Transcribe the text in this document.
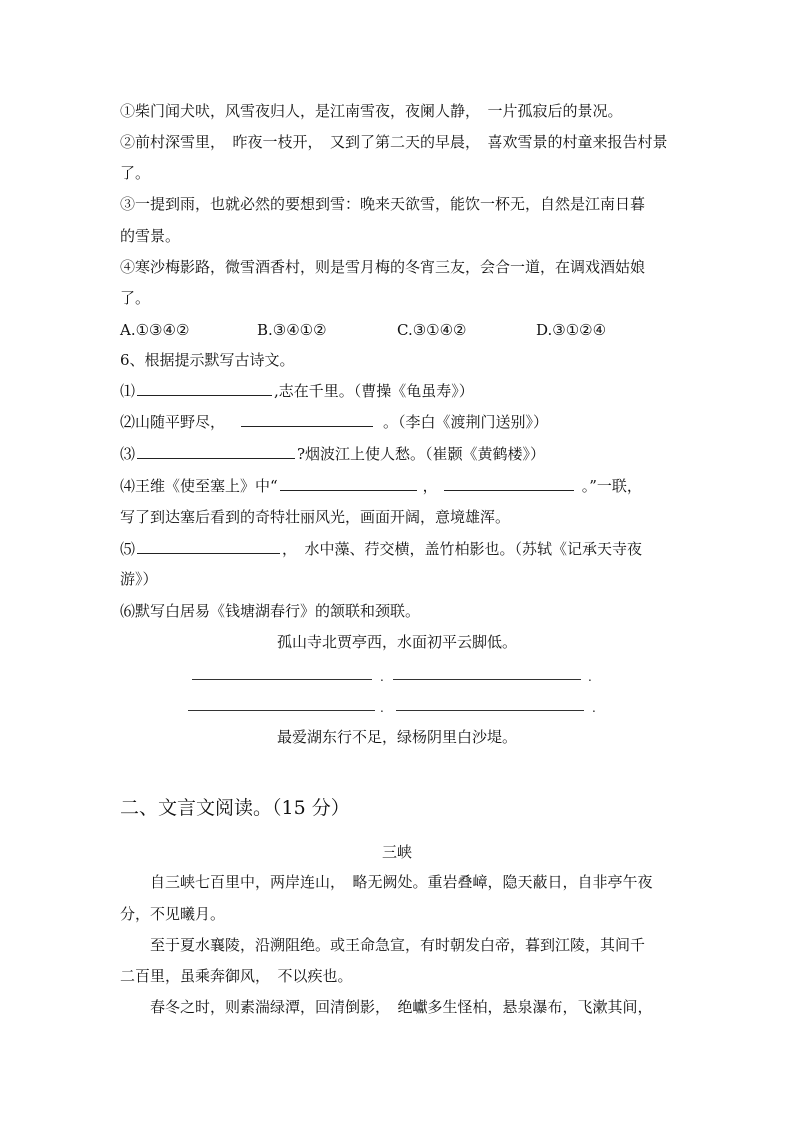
①柴门闻犬吠，风雪夜归人，是江南雪夜，夜阑人静，　一片孤寂后的景况。
②前村深雪里，　昨夜一枝开，　又到了第二天的早晨，　喜欢雪景的村童来报告村景
了。
③一提到雨，也就必然的要想到雪：晚来天欲雪，能饮一杯无，自然是江南日暮
的雪景。
④寒沙梅影路，微雪酒香村，则是雪月梅的冬宵三友，会合一道，在调戏酒姑娘
了。
A.①③④②	B.③④①②	C.③①④②	D.③①②④
6、根据提示默写古诗文。
⑴	,志在千里。（曹操《龟虽寿》）
⑵山随平野尽，	。（李白《渡荆门送别》）
⑶	?烟波江上使人愁。（崔颢《黄鹤楼》）
⑷王维《使至塞上》中“	，	。”一联，
写了到达塞后看到的奇特壮丽风光，画面开阔，意境雄浑。
⑸	，　水中藻、荇交横，盖竹柏影也。（苏轼《记承天寺夜
游》）
⑹默写白居易《钱塘湖春行》的颔联和颈联。
孤山寺北贾亭西，水面初平云脚低。
.	.
.	.
最爱湖东行不足，绿杨阴里白沙堤。
二、文言文阅读。（15 分）
三峡
自三峡七百里中，两岸连山，　略无阙处。重岩叠嶂，隐天蔽日，自非亭午夜
分，不见曦月。
至于夏水襄陵，沿溯阻绝。或王命急宣，有时朝发白帝，暮到江陵，其间千
二百里，虽乘奔御风，　不以疾也。
春冬之时，则素湍绿潭，回清倒影，　绝巘多生怪柏，悬泉瀑布，飞漱其间，
